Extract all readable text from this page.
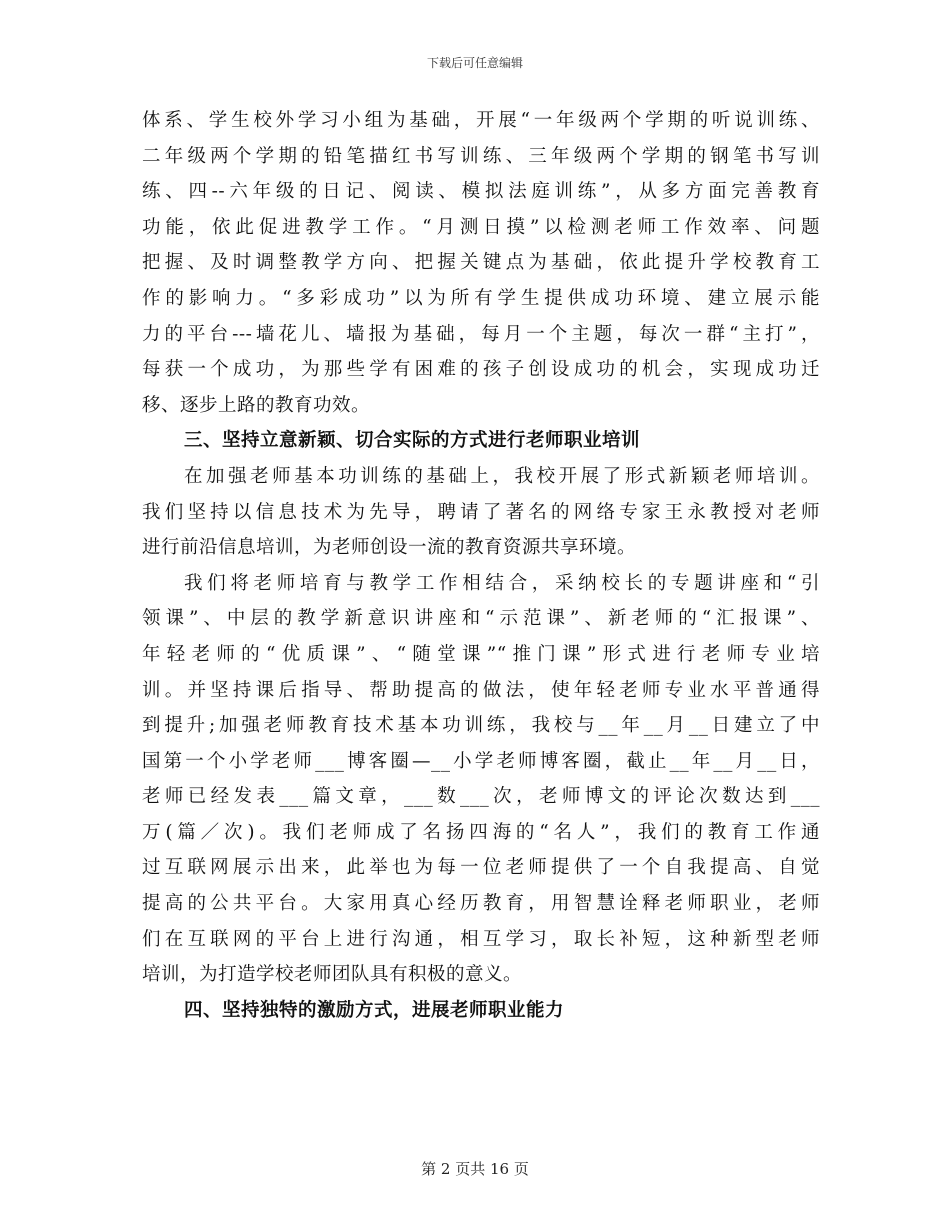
下载后可任意编辑
体系、学生校外学习小组为基础，开展“一年级两个学期的听说训练、
二年级两个学期的铅笔描红书写训练、三年级两个学期的钢笔书写训
练、四--六年级的日记、阅读、模拟法庭训练”，从多方面完善教育
功能，依此促进教学工作。“月测日摸”以检测老师工作效率、问题
把握、及时调整教学方向、把握关键点为基础，依此提升学校教育工
作的影响力。“多彩成功”以为所有学生提供成功环境、建立展示能
力的平台---墙花儿、墙报为基础，每月一个主题，每次一群“主打”，
每获一个成功，为那些学有困难的孩子创设成功的机会，实现成功迁
移、逐步上路的教育功效。
三、坚持立意新颖、切合实际的方式进行老师职业培训
在加强老师基本功训练的基础上，我校开展了形式新颖老师培训。
我们坚持以信息技术为先导，聘请了著名的网络专家王永教授对老师
进行前沿信息培训，为老师创设一流的教育资源共享环境。
我们将老师培育与教学工作相结合，采纳校长的专题讲座和“引
领课”、中层的教学新意识讲座和“示范课”、新老师的“汇报课”、
年轻老师的“优质课”、“随堂课”“推门课”形式进行老师专业培
训。并坚持课后指导、帮助提高的做法，使年轻老师专业水平普通得
到提升;加强老师教育技术基本功训练，我校与__年__月__日建立了中
国第一个小学老师___博客圈—__小学老师博客圈，截止__年__月__日，
老师已经发表___篇文章，___数___次，老师博文的评论次数达到___
万(篇／次)。我们老师成了名扬四海的“名人”，我们的教育工作通
过互联网展示出来，此举也为每一位老师提供了一个自我提高、自觉
提高的公共平台。大家用真心经历教育，用智慧诠释老师职业，老师
们在互联网的平台上进行沟通，相互学习，取长补短，这种新型老师
培训，为打造学校老师团队具有积极的意义。
四、坚持独特的激励方式，进展老师职业能力
第 2 页共 16 页
